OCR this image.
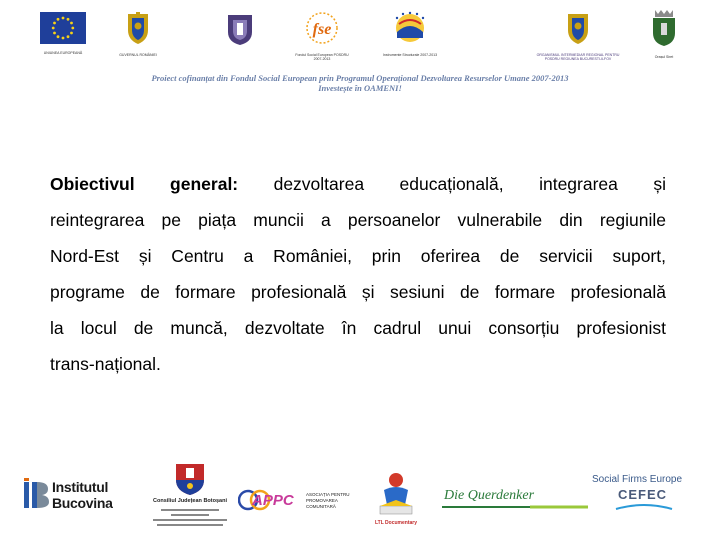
UNIUNEA EUROPEANĂ	GUVERNUL ROMÂNIEI
fse
Fondul Social European POSDRU 2007-2013
Instrumente Structurale 2007-2013	ORGANISMUL INTERMEDIAR REGIONAL PENTRU POSDRU REGIUNEA BUCURESTI-ILFOV	Orașul Siret
Proiect cofinanțat din Fondul Social European prin Programul Operațional Dezvoltarea Resurselor Umane 2007-2013
Investește în OAMENI!
Obiectivul general: dezvoltarea educațională, integrarea și
reintegrarea pe piața muncii a persoanelor vulnerabile din regiunile
Nord-Est și Centru a României, prin oferirea de servicii suport,
programe de formare profesională și sesiuni de formare profesională
la locul de muncă, dezvoltate în cadrul unui consorțiu profesionist
trans-național.
Institutul
Bucovina	Consiliul Județean Botoșani	APPC	ASOCIAȚIA PENTRU PROMOVAREA COMUNITARĂ
LTL Documentary
Die Querdenker
Social Firms Europe
CEFEC
